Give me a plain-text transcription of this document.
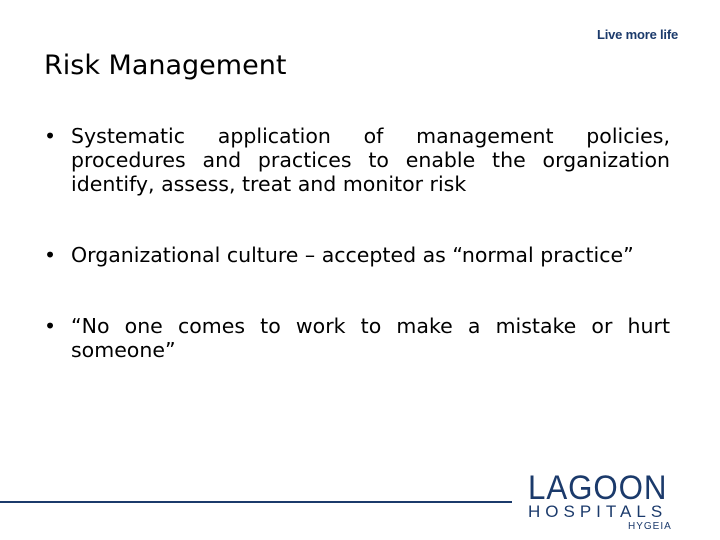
Live more life
Risk Management
• Systematic application of management policies, procedures and practices to enable the organization identify, assess, treat and monitor risk
• Organizational culture – accepted as “normal practice”
• “No one comes to work to make a mistake or hurt someone”
LAGOON
HOSPITALS
HYGEIA
